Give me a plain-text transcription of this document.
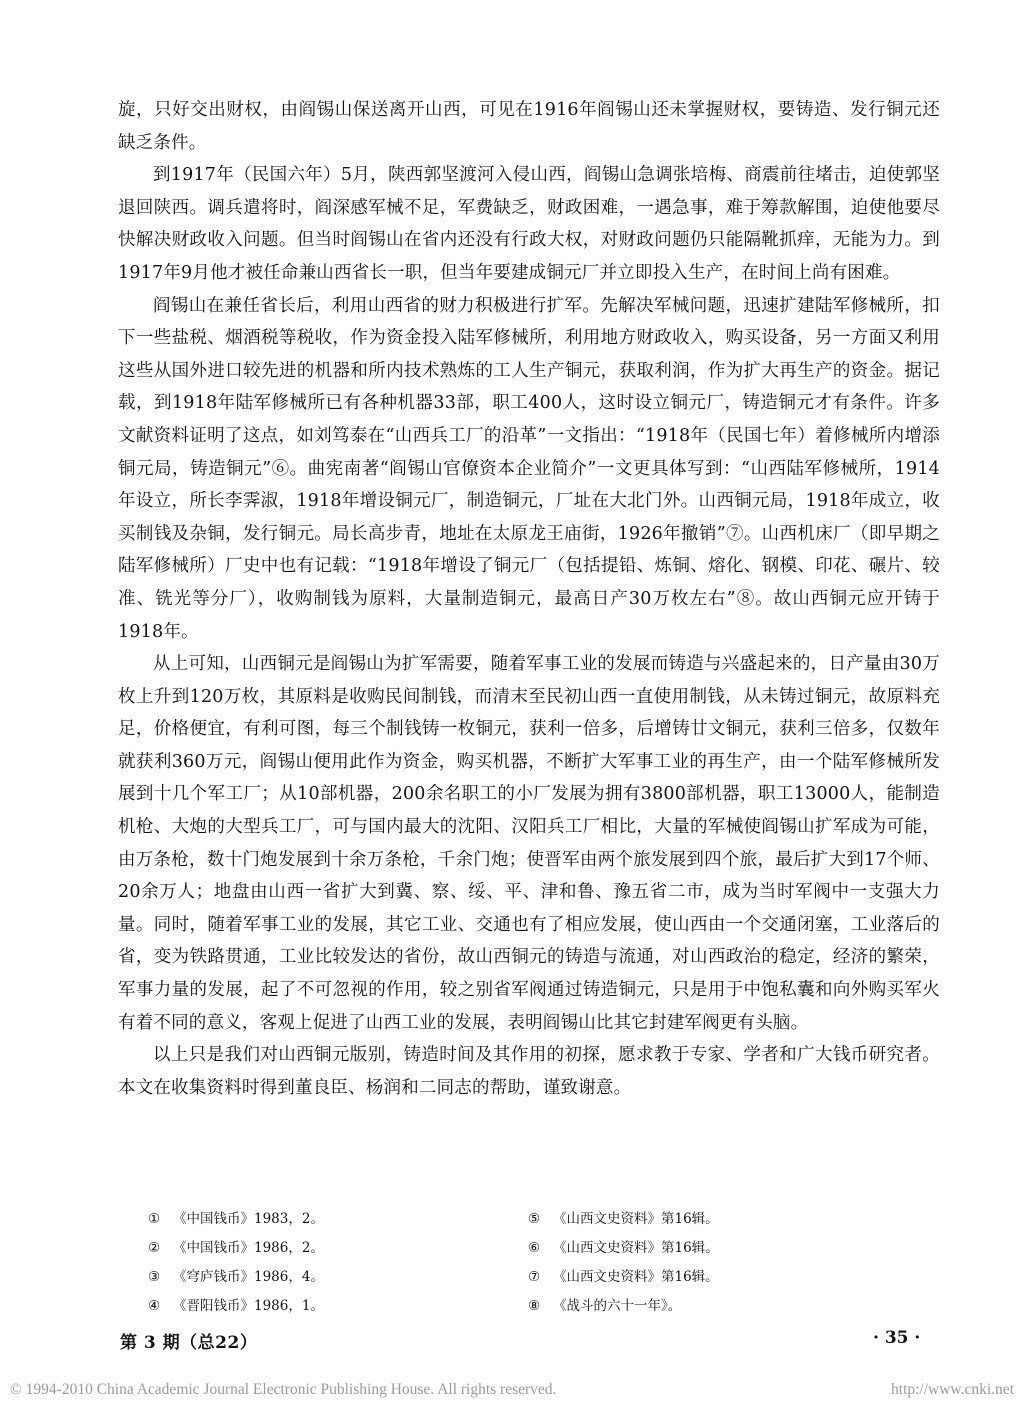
旋，只好交出财权，由阎锡山保送离开山西，可见在1916年阎锡山还未掌握财权，要铸造、发行铜元还缺乏条件。

到1917年（民国六年）5月，陕西郭坚渡河入侵山西，阎锡山急调张培梅、商震前往堵击，迫使郭坚退回陕西。调兵遣将时，阎深感军械不足，军费缺乏，财政困难，一遇急事，难于筹款解围，迫使他要尽快解决财政收入问题。但当时阎锡山在省内还没有行政大权，对财政问题仍只能隔靴抓痒，无能为力。到1917年9月他才被任命兼山西省长一职，但当年要建成铜元厂并立即投入生产，在时间上尚有困难。

阎锡山在兼任省长后，利用山西省的财力积极进行扩军。先解决军械问题，迅速扩建陆军修械所，扣下一些盐税、烟酒税等税收，作为资金投入陆军修械所，利用地方财政收入，购买设备，另一方面又利用这些从国外进口较先进的机器和所内技术熟炼的工人生产铜元，获取利润，作为扩大再生产的资金。据记载，到1918年陆军修械所已有各种机器33部，职工400人，这时设立铜元厂，铸造铜元才有条件。许多文献资料证明了这点，如刘笃泰在“山西兵工厂的沿革”一文指出：“1918年（民国七年）着修械所内增添铜元局，铸造铜元”⑥。曲宪南著“阎锡山官僚资本企业简介”一文更具体写到：“山西陆军修械所，1914年设立，所长李霁淑，1918年增设铜元厂，制造铜元，厂址在大北门外。山西铜元局，1918年成立，收买制钱及杂铜，发行铜元。局长高步青，地址在太原龙王庙街，1926年撤销”⑦。山西机床厂（即早期之陆军修械所）厂史中也有记载：“1918年增设了铜元厂（包括提铅、炼铜、熔化、钢模、印花、碾片、较准、铣光等分厂），收购制钱为原料，大量制造铜元，最高日产30万枚左右”⑧。故山西铜元应开铸于1918年。

从上可知，山西铜元是阎锡山为扩军需要，随着军事工业的发展而铸造与兴盛起来的，日产量由30万枚上升到120万枚，其原料是收购民间制钱，而清末至民初山西一直使用制钱，从未铸过铜元，故原料充足，价格便宜，有利可图，每三个制钱铸一枚铜元，获利一倍多，后增铸廿文铜元，获利三倍多，仅数年就获利360万元，阎锡山便用此作为资金，购买机器，不断扩大军事工业的再生产，由一个陆军修械所发展到十几个军工厂；从10部机器，200余名职工的小厂发展为拥有3800部机器，职工13000人，能制造机枪、大炮的大型兵工厂，可与国内最大的沈阳、汉阳兵工厂相比，大量的军械使阎锡山扩军成为可能，由万条枪，数十门炮发展到十余万条枪，千余门炮；使晋军由两个旅发展到四个旅，最后扩大到17个师、20余万人；地盘由山西一省扩大到冀、察、绥、平、津和鲁、豫五省二市，成为当时军阀中一支强大力量。同时，随着军事工业的发展，其它工业、交通也有了相应发展，使山西由一个交通闭塞，工业落后的省，变为铁路贯通，工业比较发达的省份，故山西铜元的铸造与流通，对山西政治的稳定，经济的繁荣，军事力量的发展，起了不可忽视的作用，较之别省军阀通过铸造铜元，只是用于中饱私囊和向外购买军火有着不同的意义，客观上促进了山西工业的发展，表明阎锡山比其它封建军阀更有头脑。

以上只是我们对山西铜元版别，铸造时间及其作用的初探，愿求教于专家、学者和广大钱币研究者。本文在收集资料时得到董良臣、杨润和二同志的帮助，谨致谢意。

① 《中国钱币》1983，2。	⑤ 《山西文史资料》第16辑。
② 《中国钱币》1986，2。	⑥ 《山西文史资料》第16辑。
③ 《穹庐钱币》1986，4。	⑦ 《山西文史资料》第16辑。
④ 《晋阳钱币》1986，1。	⑧ 《战斗的六十一年》。
第 3 期（总22）	· 35 ·
© 1994-2010 China Academic Journal Electronic Publishing House. All rights reserved.	http://www.cnki.net
